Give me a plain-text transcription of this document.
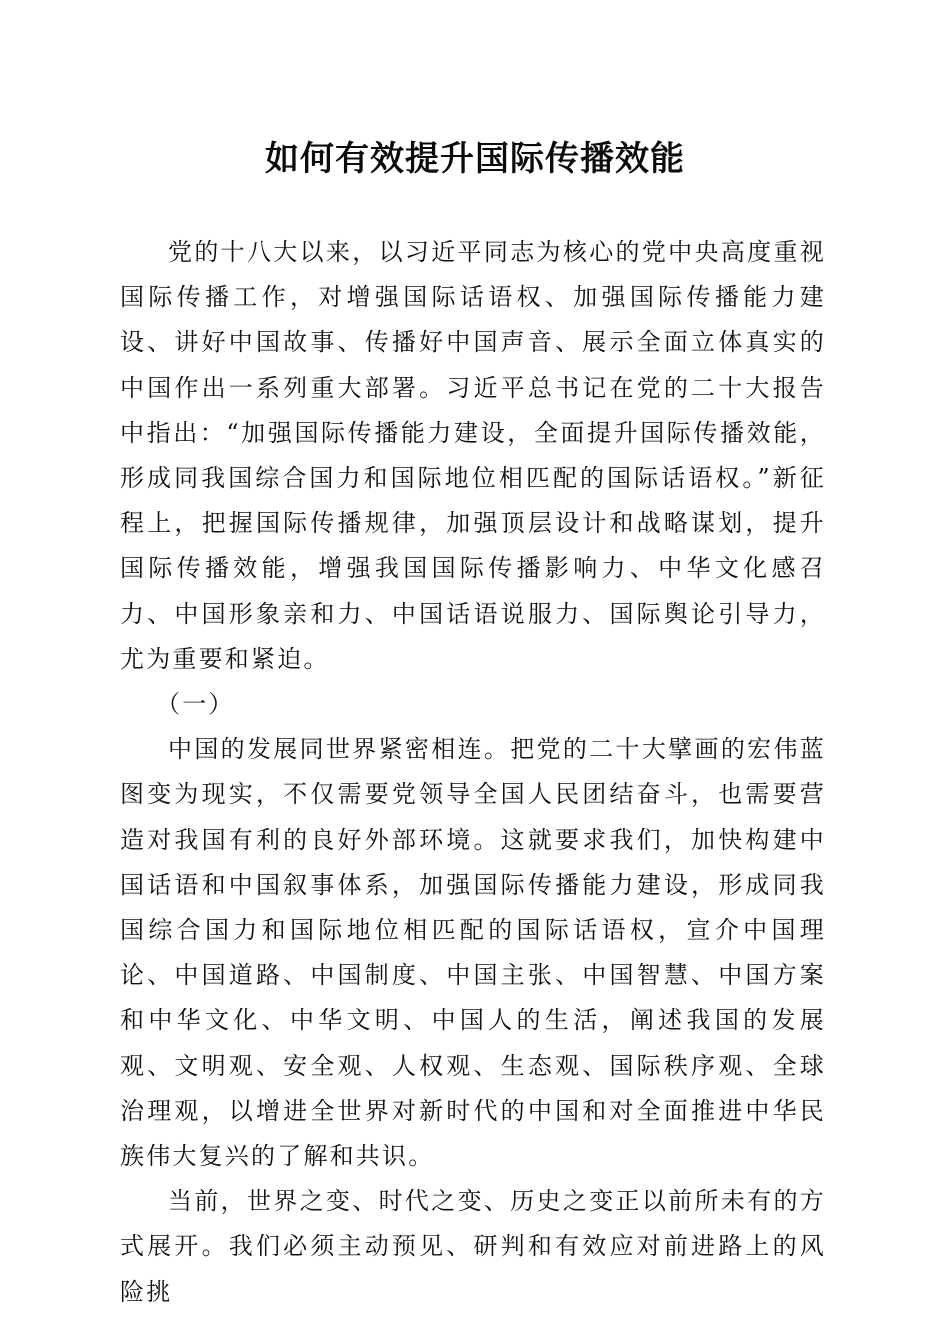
如何有效提升国际传播效能

党的十八大以来，以习近平同志为核心的党中央高度重视国际传播工作，对增强国际话语权、加强国际传播能力建设、讲好中国故事、传播好中国声音、展示全面立体真实的中国作出一系列重大部署。习近平总书记在党的二十大报告中指出：“加强国际传播能力建设，全面提升国际传播效能，形成同我国综合国力和国际地位相匹配的国际话语权。”新征程上，把握国际传播规律，加强顶层设计和战略谋划，提升国际传播效能，增强我国国际传播影响力、中华文化感召力、中国形象亲和力、中国话语说服力、国际舆论引导力，尤为重要和紧迫。

（一）

中国的发展同世界紧密相连。把党的二十大擘画的宏伟蓝图变为现实，不仅需要党领导全国人民团结奋斗，也需要营造对我国有利的良好外部环境。这就要求我们，加快构建中国话语和中国叙事体系，加强国际传播能力建设，形成同我国综合国力和国际地位相匹配的国际话语权，宣介中国理论、中国道路、中国制度、中国主张、中国智慧、中国方案和中华文化、中华文明、中国人的生活，阐述我国的发展观、文明观、安全观、人权观、生态观、国际秩序观、全球治理观，以增进全世界对新时代的中国和对全面推进中华民族伟大复兴的了解和共识。

当前，世界之变、时代之变、历史之变正以前所未有的方式展开。我们必须主动预见、研判和有效应对前进路上的风险挑
